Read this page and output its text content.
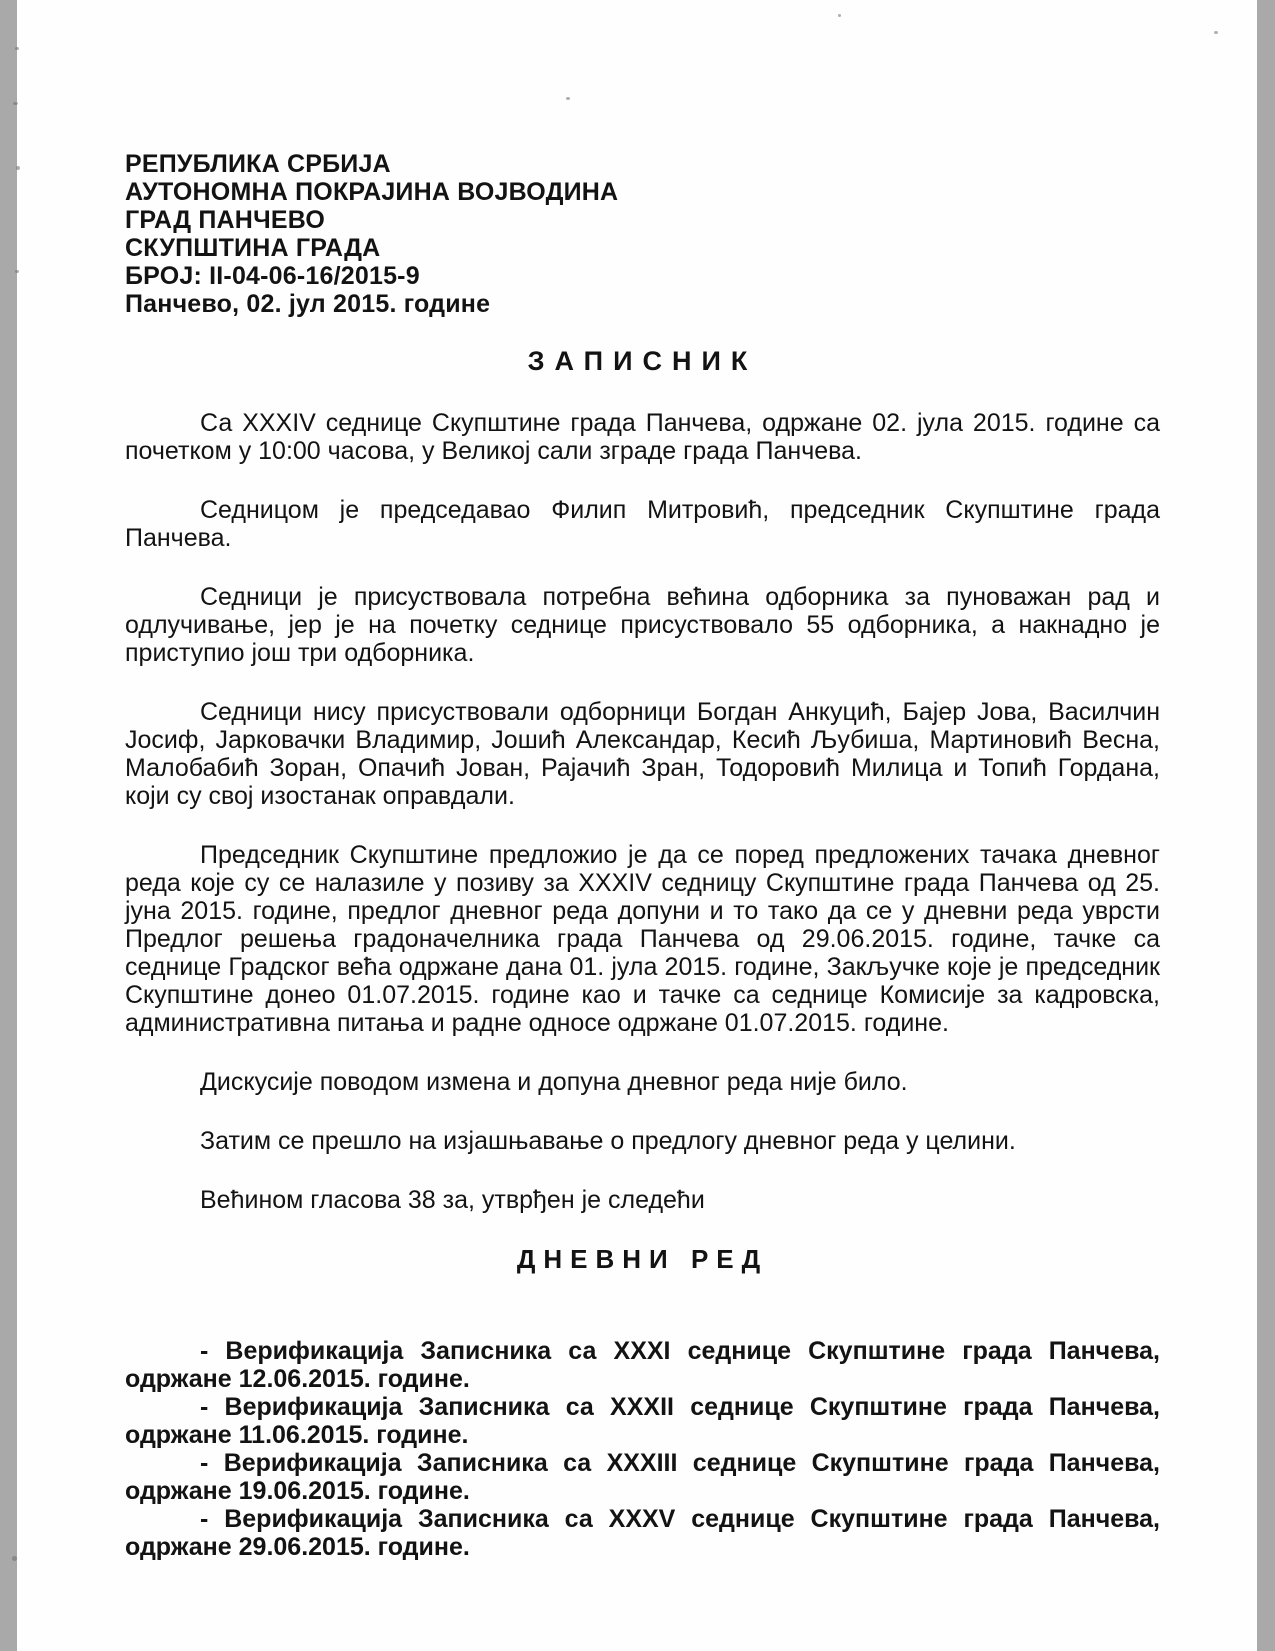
РЕПУБЛИКА СРБИЈА
АУТОНОМНА ПОКРАЈИНА ВОЈВОДИНА
ГРАД ПАНЧЕВО
СКУПШТИНА ГРАДА
БРОЈ: II-04-06-16/2015-9
Панчево, 02. јул 2015. године
ЗАПИСНИК

Са XXXIV седнице Скупштине града Панчева, одржане 02. јула 2015. године са почетком у 10:00 часова, у Великој сали зграде града Панчева.

Седницом је председавао Филип Митровић, председник Скупштине града Панчева.

Седници је присуствовала потребна већина одборника за пуноважан рад и одлучивање, јер је на почетку седнице присуствовало 55 одборника, а накнадно је приступио још три одборника.

Седници нису присуствовали одборници Богдан Анкуцић, Бајер Јова, Василчин Јосиф, Јарковачки Владимир, Јошић Александар, Кесић Љубиша, Мартиновић Весна, Малобабић Зоран, Опачић Јован, Рајачић Зран, Тодоровић Милица и Топић Гордана, који су свој изостанак оправдали.

Председник Скупштине предложио је да се поред предложених тачака дневног реда које су се налазиле у позиву за XXXIV седницу Скупштине града Панчева од 25. јуна 2015. године, предлог дневног реда допуни и то тако да се у дневни реда уврсти Предлог решења градоначелника града Панчева од 29.06.2015. године, тачке са седнице Градског већа одржане дана 01. јула 2015. године, Закључке које је председник Скупштине донео 01.07.2015. године као и тачке са седнице Комисије за кадровска, административна питања и радне односе одржане 01.07.2015. године.

Дискусије поводом измена и допуна дневног реда није било.

Затим се прешло на изјашњавање о предлогу дневног реда у целини.

Већином гласова 38 за, утврђен је следећи

ДНЕВНИ РЕД

- Верификација Записника са XXXI седнице Скупштине града Панчева, одржане 12.06.2015. године.

- Верификација Записника са XXXII седнице Скупштине града Панчева, одржане 11.06.2015. године.

- Верификација Записника са XXXIII седнице Скупштине града Панчева, одржане 19.06.2015. године.

- Верификација Записника са XXXV седнице Скупштине града Панчева, одржане 29.06.2015. године.
